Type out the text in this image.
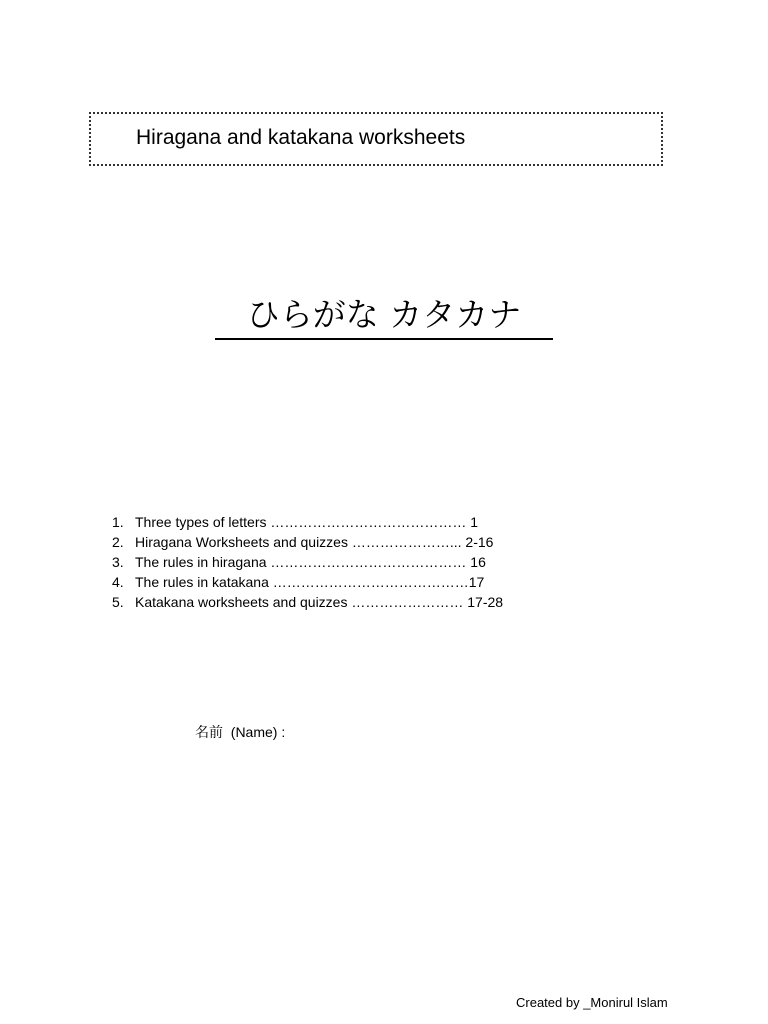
Hiragana and katakana worksheets
ひらがな カタカナ
1. Three types of letters …………………………………… 1
2. Hiragana Worksheets and quizzes …………………... 2-16
3. The rules in hiragana …………………………………… 16
4. The rules in katakana ……………………………………17
5. Katakana worksheets and quizzes …………………… 17-28
名前 (Name) :
Created by _Monirul Islam
